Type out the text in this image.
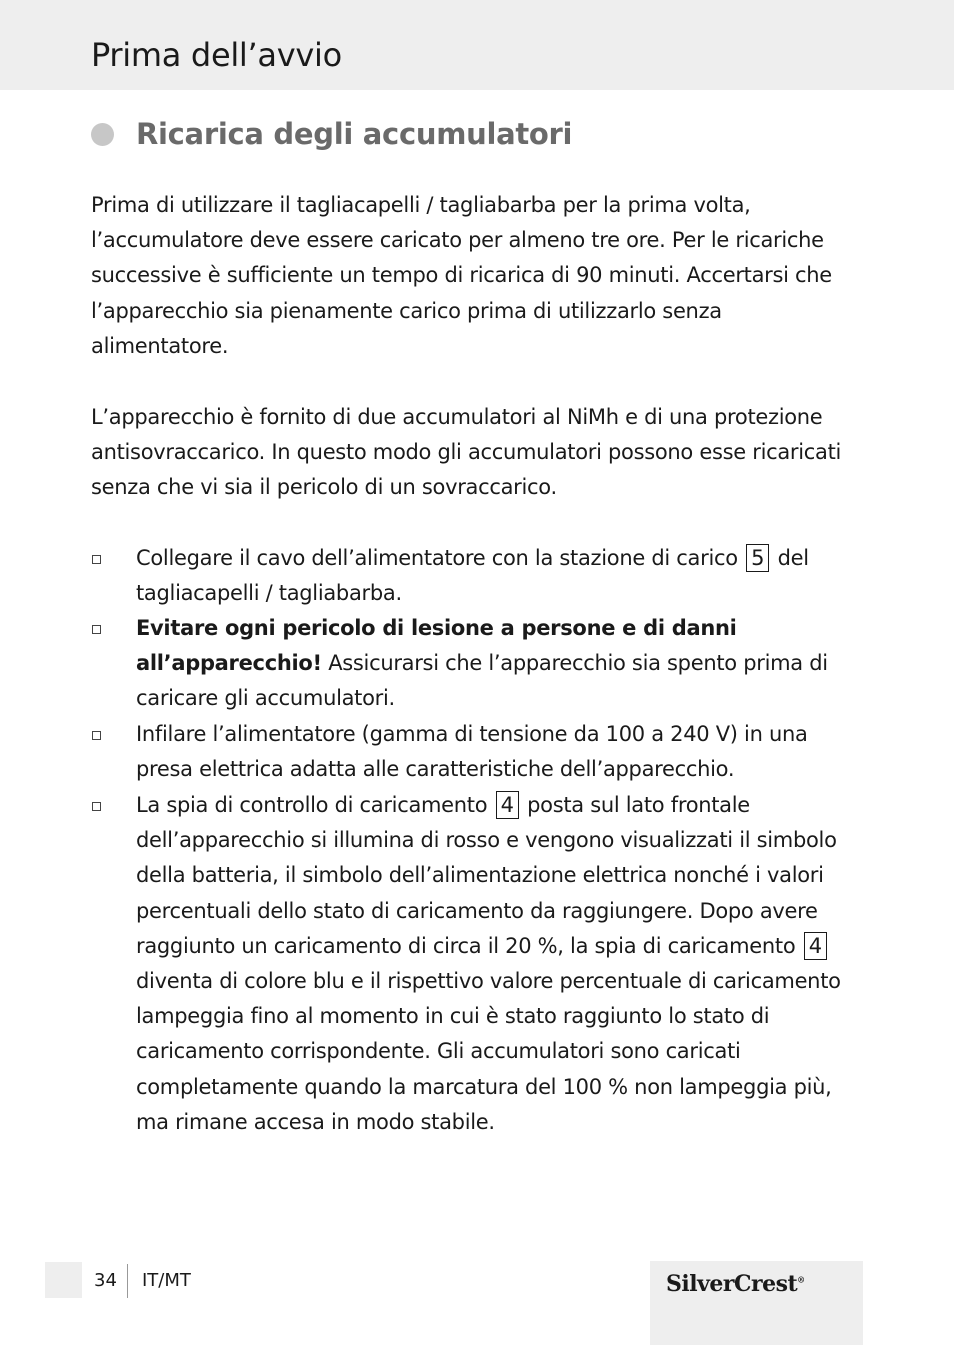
Prima dell’avvio
Ricarica degli accumulatori

Prima di utilizzare il tagliacapelli / tagliabarba per la prima volta, l’accumulatore deve essere caricato per almeno tre ore. Per le ricariche successive è sufficiente un tempo di ricarica di 90 minuti. Accertarsi che l’apparecchio sia pienamente carico prima di utilizzarlo senza alimentatore.

L’apparecchio è fornito di due accumulatori al NiMh e di una protezione antisovraccarico. In questo modo gli accumulatori possono esse ricaricati senza che vi sia il pericolo di un sovraccarico.

Collegare il cavo dell’alimentatore con la stazione di carico 5 del tagliacapelli / tagliabarba.
Evitare ogni pericolo di lesione a persone e di danni all’apparecchio! Assicurarsi che l’apparecchio sia spento prima di caricare gli accumulatori.
Infilare l’alimentatore (gamma di tensione da 100 a 240 V) in una presa elettrica adatta alle caratteristiche dell’apparecchio.
La spia di controllo di caricamento 4 posta sul lato frontale dell’apparecchio si illumina di rosso e vengono visualizzati il simbolo della batteria, il simbolo dell’alimentazione elettrica nonché i valori percentuali dello stato di caricamento da raggiungere. Dopo avere raggiunto un caricamento di circa il 20 %, la spia di caricamento 4 diventa di colore blu e il rispettivo valore percentuale di caricamento lampeggia fino al momento in cui è stato raggiunto lo stato di caricamento corrispondente. Gli accumulatori sono caricati completamente quando la marcatura del 100 % non lampeggia più, ma rimane accesa in modo stabile.
34 IT/MT	SilverCrest®
